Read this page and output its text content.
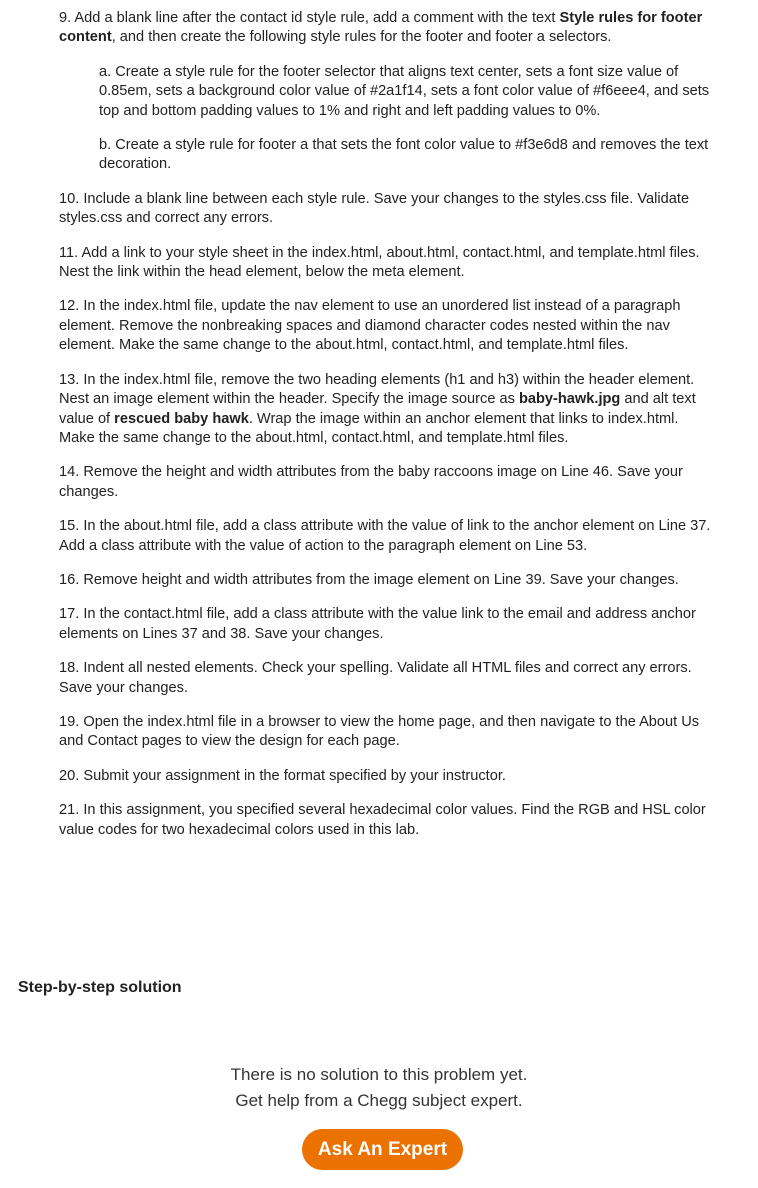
9. Add a blank line after the contact id style rule, add a comment with the text Style rules for footer content, and then create the following style rules for the footer and footer a selectors.

a. Create a style rule for the footer selector that aligns text center, sets a font size value of 0.85em, sets a background color value of #2a1f14, sets a font color value of #f6eee4, and sets top and bottom padding values to 1% and right and left padding values to 0%.

b. Create a style rule for footer a that sets the font color value to #f3e6d8 and removes the text decoration.

10. Include a blank line between each style rule. Save your changes to the styles.css file. Validate styles.css and correct any errors.

11. Add a link to your style sheet in the index.html, about.html, contact.html, and template.html files. Nest the link within the head element, below the meta element.

12. In the index.html file, update the nav element to use an unordered list instead of a paragraph element. Remove the nonbreaking spaces and diamond character codes nested within the nav element. Make the same change to the about.html, contact.html, and template.html files.

13. In the index.html file, remove the two heading elements (h1 and h3) within the header element. Nest an image element within the header. Specify the image source as baby-hawk.jpg and alt text value of rescued baby hawk. Wrap the image within an anchor element that links to index.html. Make the same change to the about.html, contact.html, and template.html files.

14. Remove the height and width attributes from the baby raccoons image on Line 46. Save your changes.

15. In the about.html file, add a class attribute with the value of link to the anchor element on Line 37. Add a class attribute with the value of action to the paragraph element on Line 53.

16. Remove height and width attributes from the image element on Line 39. Save your changes.

17. In the contact.html file, add a class attribute with the value link to the email and address anchor elements on Lines 37 and 38. Save your changes.

18. Indent all nested elements. Check your spelling. Validate all HTML files and correct any errors. Save your changes.

19. Open the index.html file in a browser to view the home page, and then navigate to the About Us and Contact pages to view the design for each page.

20. Submit your assignment in the format specified by your instructor.

21. In this assignment, you specified several hexadecimal color values. Find the RGB and HSL color value codes for two hexadecimal colors used in this lab.

Step-by-step solution
There is no solution to this problem yet.
Get help from a Chegg subject expert.
Ask An Expert
